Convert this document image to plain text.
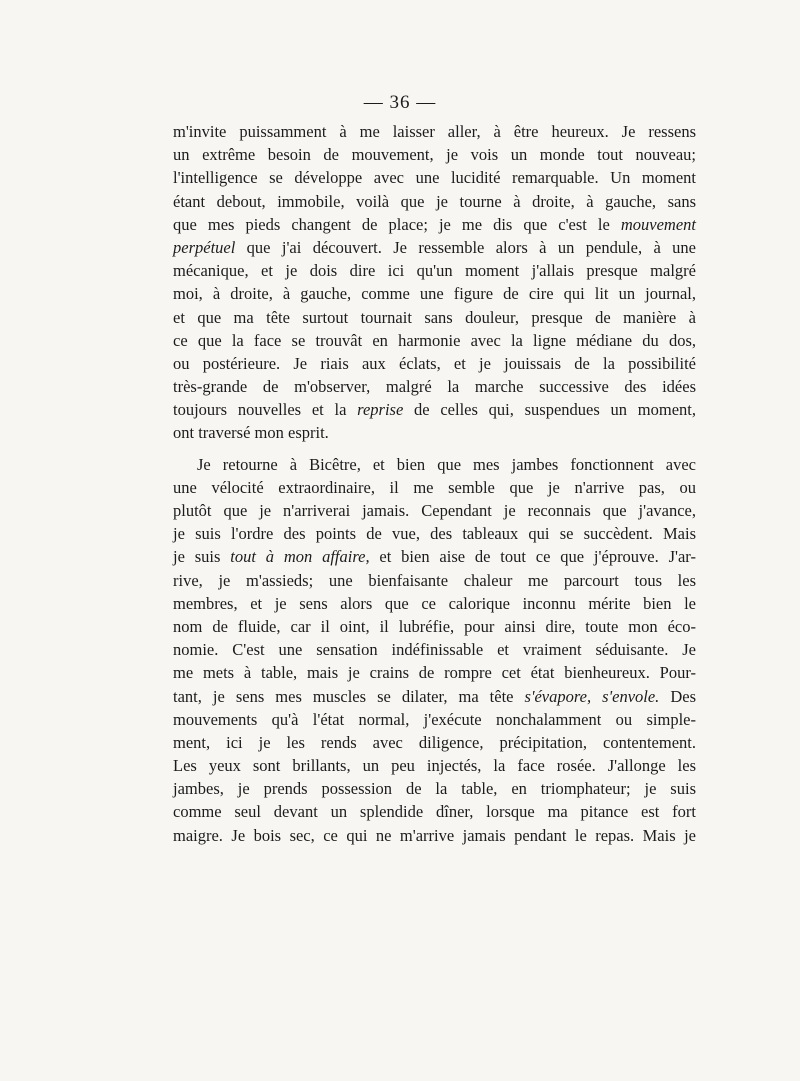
— 36 —
m'invite puissamment à me laisser aller, à être heureux. Je ressens
un extrême besoin de mouvement, je vois un monde tout nouveau;
l'intelligence se développe avec une lucidité remarquable. Un moment
étant debout, immobile, voilà que je tourne à droite, à gauche, sans
que mes pieds changent de place; je me dis que c'est le mouvement
perpétuel que j'ai découvert. Je ressemble alors à un pendule, à une
mécanique, et je dois dire ici qu'un moment j'allais presque malgré
moi, à droite, à gauche, comme une figure de cire qui lit un journal,
et que ma tête surtout tournait sans douleur, presque de manière à
ce que la face se trouvât en harmonie avec la ligne médiane du dos,
ou postérieure. Je riais aux éclats, et je jouissais de la possibilité
très-grande de m'observer, malgré la marche successive des idées
toujours nouvelles et la reprise de celles qui, suspendues un moment,
ont traversé mon esprit.
Je retourne à Bicêtre, et bien que mes jambes fonctionnent avec
une vélocité extraordinaire, il me semble que je n'arrive pas, ou
plutôt que je n'arriverai jamais. Cependant je reconnais que j'avance,
je suis l'ordre des points de vue, des tableaux qui se succèdent. Mais
je suis tout à mon affaire, et bien aise de tout ce que j'éprouve. J'ar-
rive, je m'assieds; une bienfaisante chaleur me parcourt tous les
membres, et je sens alors que ce calorique inconnu mérite bien le
nom de fluide, car il oint, il lubréfie, pour ainsi dire, toute mon éco-
nomie. C'est une sensation indéfinissable et vraiment séduisante. Je
me mets à table, mais je crains de rompre cet état bienheureux. Pour-
tant, je sens mes muscles se dilater, ma tête s'évapore, s'envole. Des
mouvements qu'à l'état normal, j'exécute nonchalamment ou simple-
ment, ici je les rends avec diligence, précipitation, contentement.
Les yeux sont brillants, un peu injectés, la face rosée. J'allonge les
jambes, je prends possession de la table, en triomphateur; je suis
comme seul devant un splendide dîner, lorsque ma pitance est fort
maigre. Je bois sec, ce qui ne m'arrive jamais pendant le repas. Mais je
